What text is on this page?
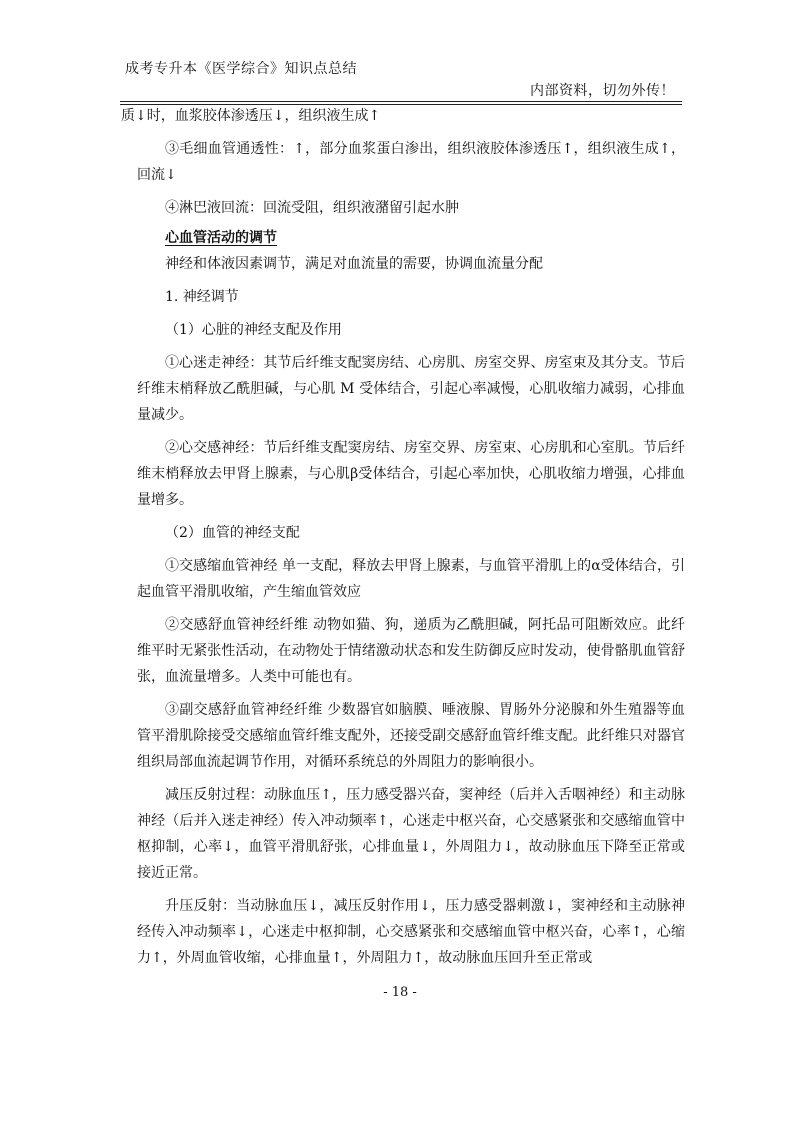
成考专升本《医学综合》知识点总结
内部资料，切勿外传！

质↓时，血浆胶体渗透压↓，组织液生成↑

③毛细血管通透性：↑，部分血浆蛋白渗出，组织液胶体渗透压↑，组织液生成↑，回流↓

④淋巴液回流：回流受阻，组织液潴留引起水肿

心血管活动的调节

神经和体液因素调节，满足对血流量的需要，协调血流量分配

1. 神经调节

（1）心脏的神经支配及作用

①心迷走神经：其节后纤维支配窦房结、心房肌、房室交界、房室束及其分支。节后纤维末梢释放乙酰胆碱，与心肌 M 受体结合，引起心率减慢，心肌收缩力减弱，心排血量减少。

②心交感神经：节后纤维支配窦房结、房室交界、房室束、心房肌和心室肌。节后纤维末梢释放去甲肾上腺素，与心肌β受体结合，引起心率加快，心肌收缩力增强，心排血量增多。

（2）血管的神经支配

①交感缩血管神经 单一支配，释放去甲肾上腺素，与血管平滑肌上的α受体结合，引起血管平滑肌收缩，产生缩血管效应

②交感舒血管神经纤维 动物如猫、狗，递质为乙酰胆碱，阿托品可阻断效应。此纤维平时无紧张性活动，在动物处于情绪激动状态和发生防御反应时发动，使骨骼肌血管舒张，血流量增多。人类中可能也有。

③副交感舒血管神经纤维 少数器官如脑膜、唾液腺、胃肠外分泌腺和外生殖器等血管平滑肌除接受交感缩血管纤维支配外，还接受副交感舒血管纤维支配。此纤维只对器官组织局部血流起调节作用，对循环系统总的外周阻力的影响很小。

减压反射过程：动脉血压↑，压力感受器兴奋，窦神经（后并入舌咽神经）和主动脉神经（后并入迷走神经）传入冲动频率↑，心迷走中枢兴奋，心交感紧张和交感缩血管中枢抑制，心率↓，血管平滑肌舒张，心排血量↓，外周阻力↓，故动脉血压下降至正常或接近正常。

升压反射：当动脉血压↓，减压反射作用↓，压力感受器刺激↓，窦神经和主动脉神经传入冲动频率↓，心迷走中枢抑制，心交感紧张和交感缩血管中枢兴奋，心率↑，心缩力↑，外周血管收缩，心排血量↑，外周阻力↑，故动脉血压回升至正常或

- 18 -
